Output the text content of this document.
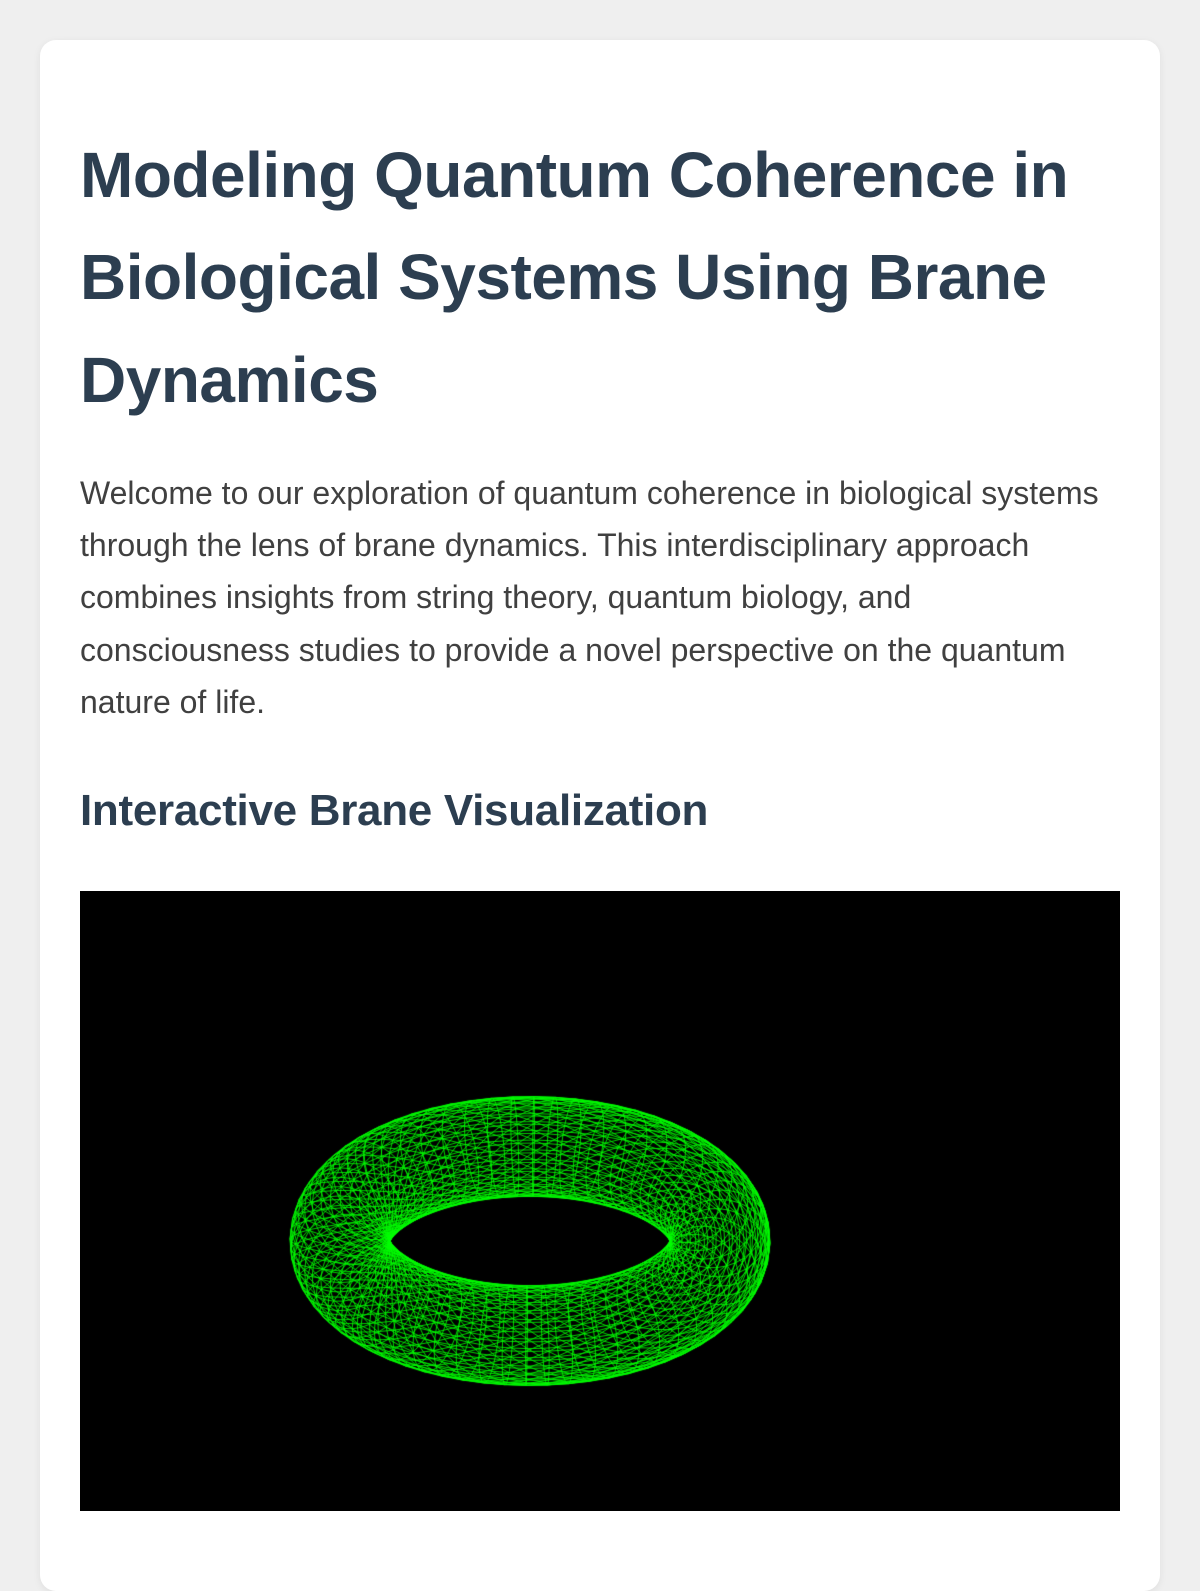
Modeling Quantum Coherence in Biological Systems Using Brane Dynamics

Welcome to our exploration of quantum coherence in biological systems through the lens of brane dynamics. This interdisciplinary approach combines insights from string theory, quantum biology, and consciousness studies to provide a novel perspective on the quantum nature of life.

Interactive Brane Visualization
